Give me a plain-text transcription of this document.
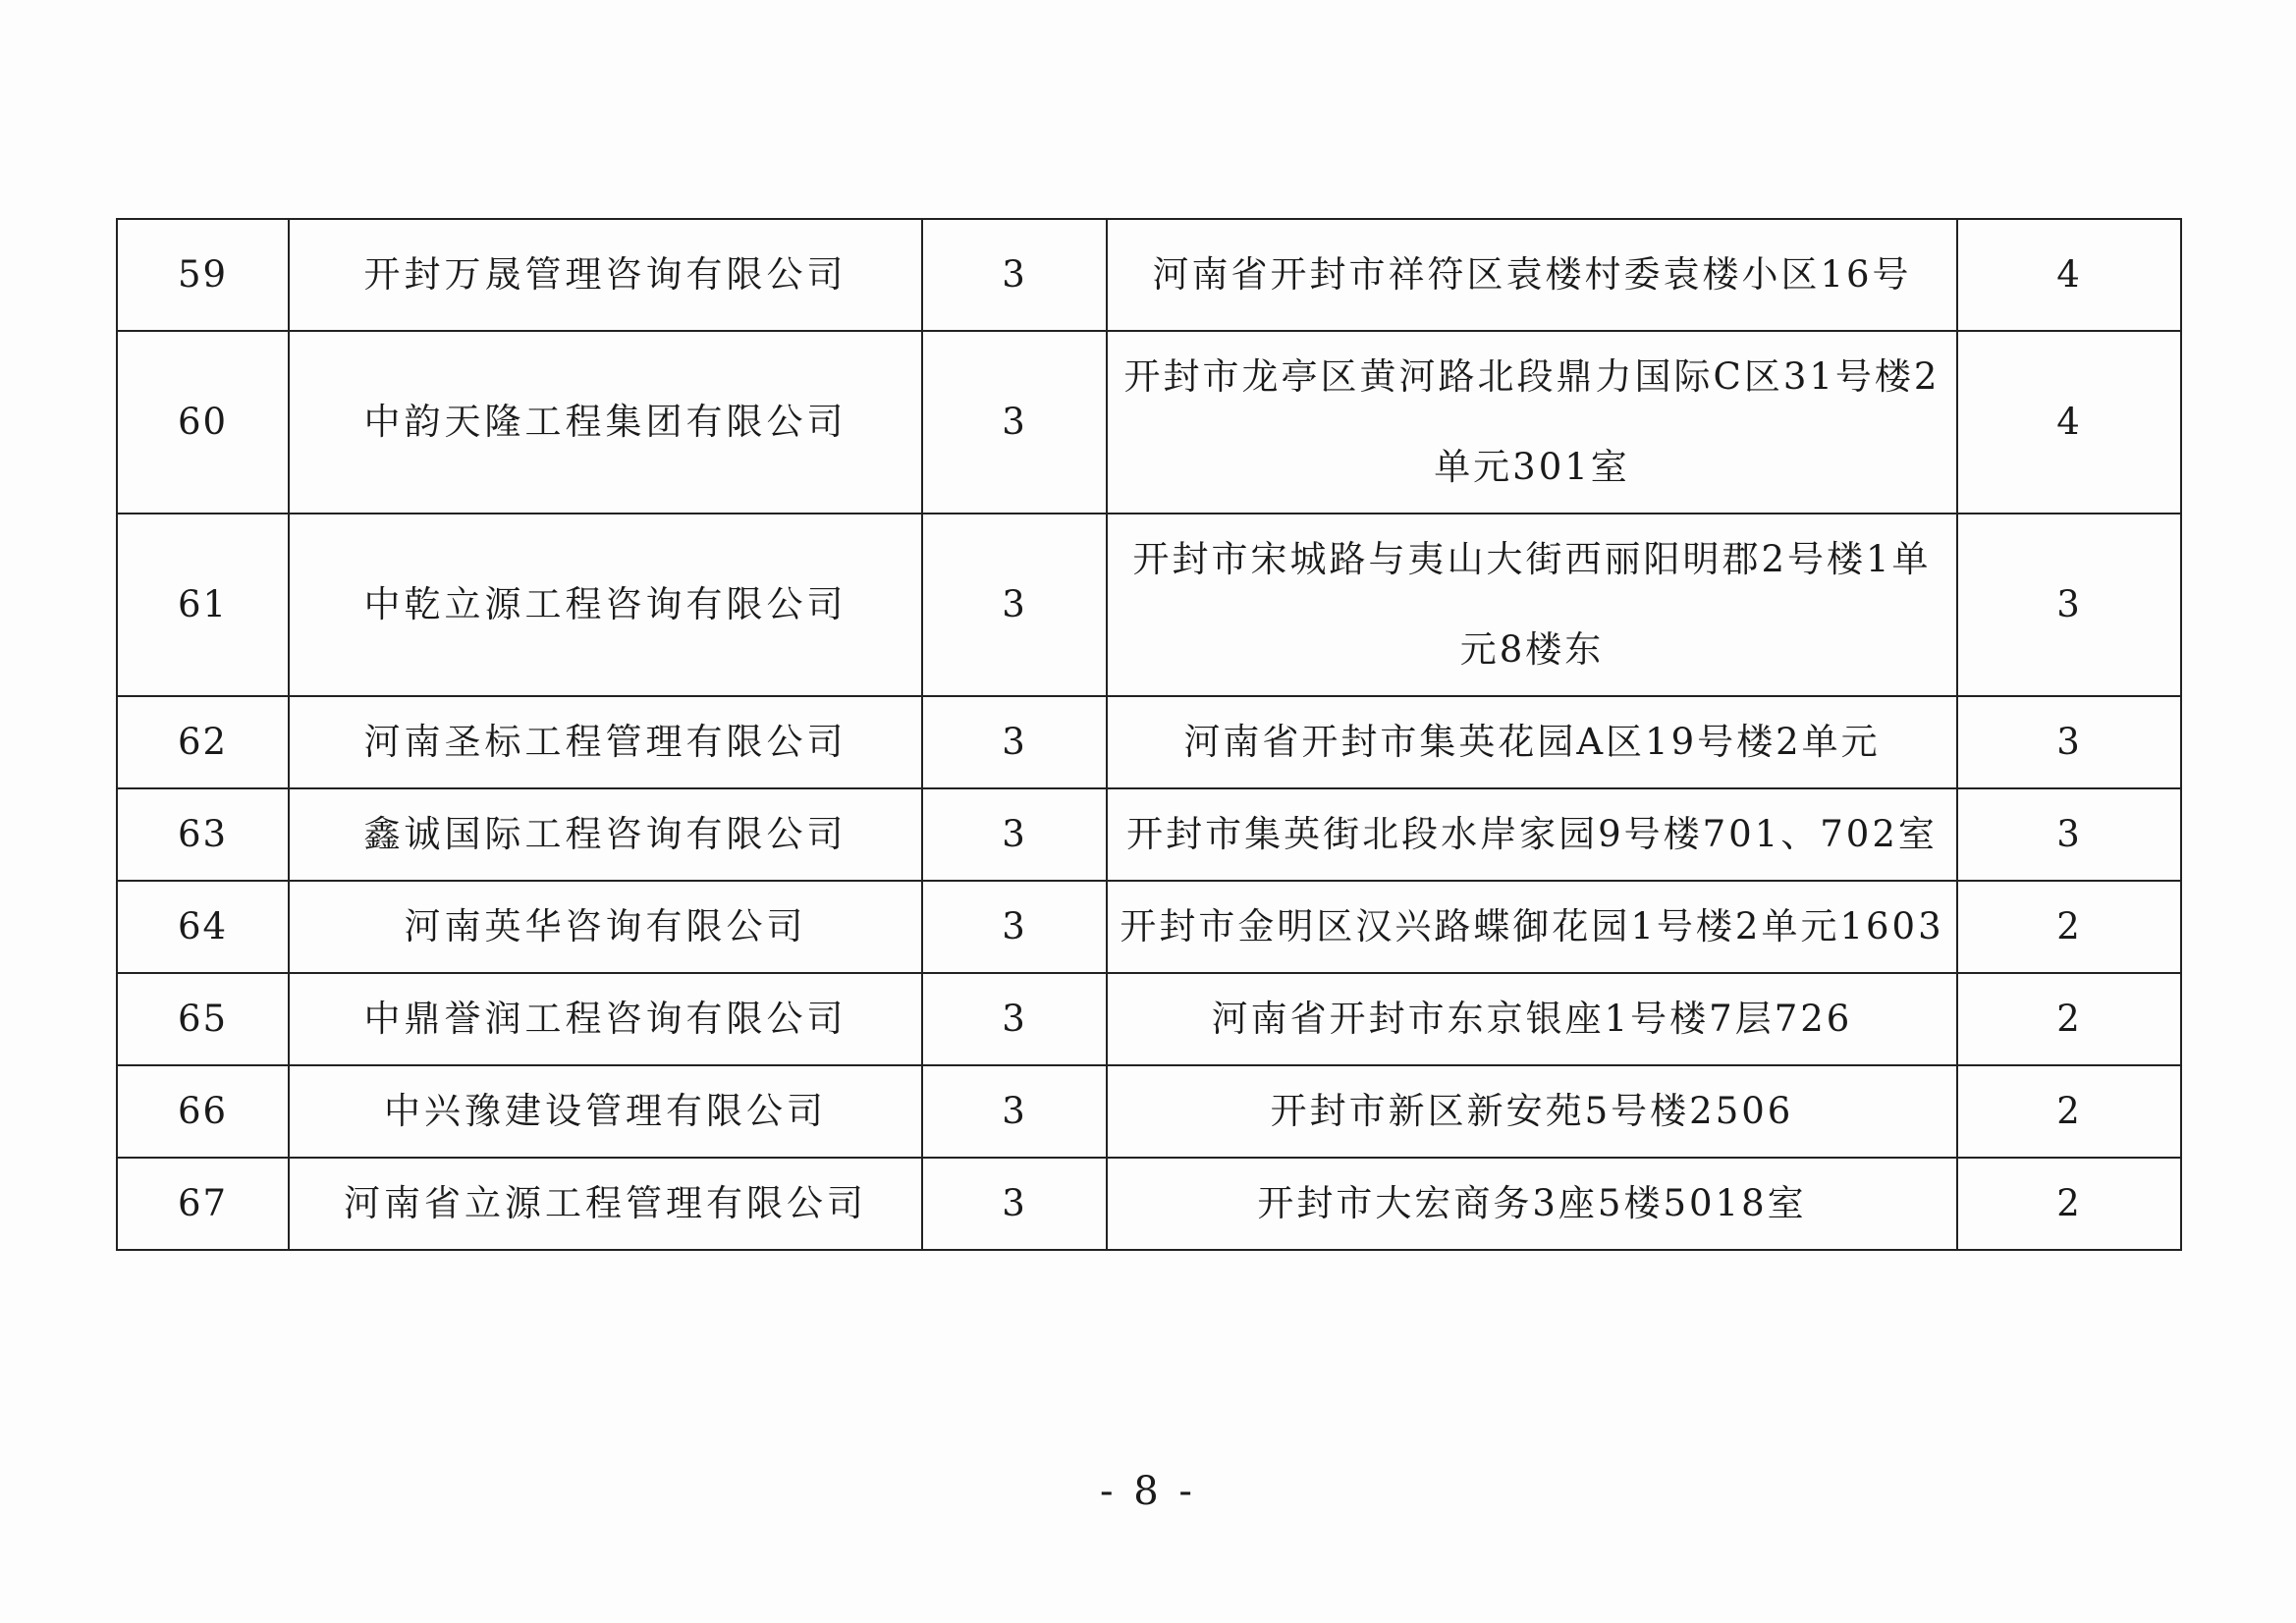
59	开封万晟管理咨询有限公司	3	河南省开封市祥符区袁楼村委袁楼小区16号	4
60	中韵天隆工程集团有限公司	3	开封市龙亭区黄河路北段鼎力国际C区31号楼2单元301室	4
61	中乾立源工程咨询有限公司	3	开封市宋城路与夷山大街西丽阳明郡2号楼1单元8楼东	3
62	河南圣标工程管理有限公司	3	河南省开封市集英花园A区19号楼2单元	3
63	鑫诚国际工程咨询有限公司	3	开封市集英街北段水岸家园9号楼701、702室	3
64	河南英华咨询有限公司	3	开封市金明区汉兴路蝶御花园1号楼2单元1603	2
65	中鼎誉润工程咨询有限公司	3	河南省开封市东京银座1号楼7层726	2
66	中兴豫建设管理有限公司	3	开封市新区新安苑5号楼2506	2
67	河南省立源工程管理有限公司	3	开封市大宏商务3座5楼5018室	2
- 8 -
